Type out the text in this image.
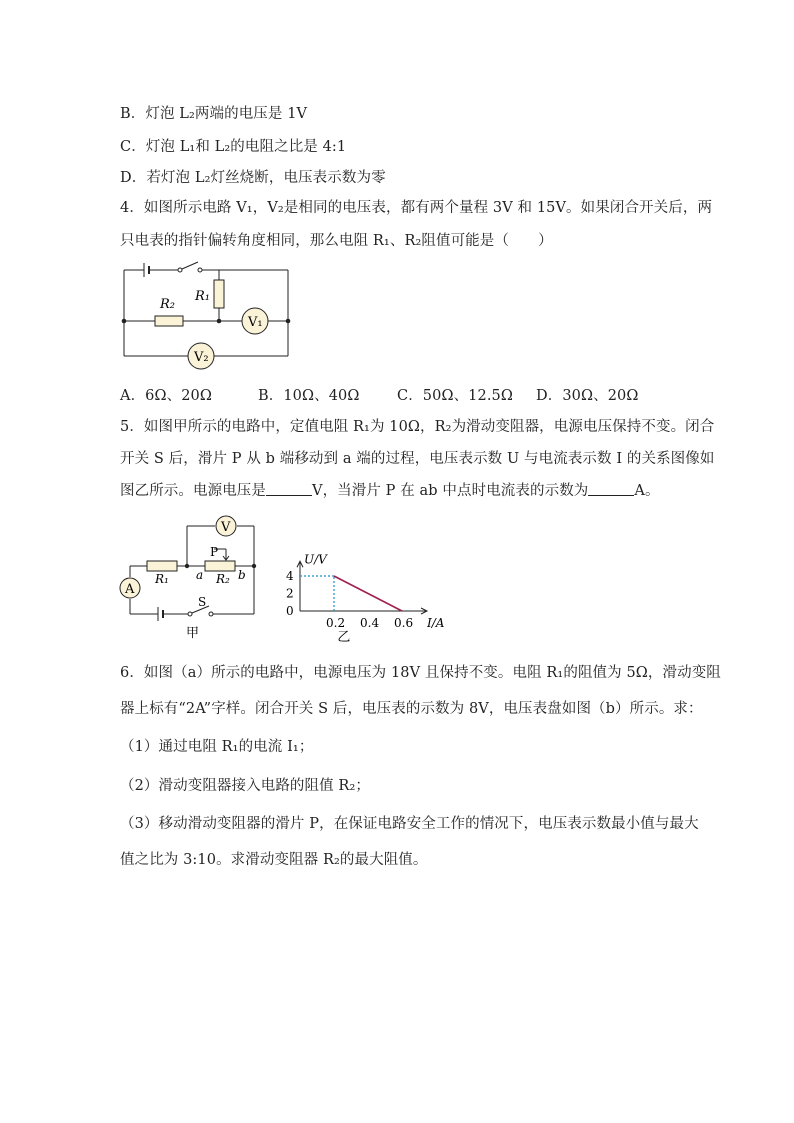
B．灯泡 L₂两端的电压是 1V
C．灯泡 L₁和 L₂的电阻之比是 4:1
D．若灯泡 L₂灯丝烧断，电压表示数为零
4．如图所示电路 V₁，V₂是相同的电压表，都有两个量程 3V 和 15V。如果闭合开关后，两
只电表的指针偏转角度相同，那么电阻 R₁、R₂阻值可能是（　　）
R₁
R₂
V₁
V₂
A．6Ω、20Ω	B．10Ω、40Ω	C．50Ω、12.5Ω D．30Ω、20Ω
5．如图甲所示的电路中，定值电阻 R₁为 10Ω，R₂为滑动变阻器，电源电压保持不变。闭合
开关 S 后，滑片 P 从 b 端移动到 a 端的过程，电压表示数 U 与电流表示数 I 的关系图像如
图乙所示。电源电压是	V，当滑片 P 在 ab 中点时电流表的示数为	A。
V
A
P
R₁	R₂
a	b
S
甲
0.2 0.4 0.6
0
2
4
U/V
I/A
乙
6．如图（a）所示的电路中，电源电压为 18V 且保持不变。电阻 R₁的阻值为 5Ω，滑动变阻
器上标有“2A”字样。闭合开关 S 后，电压表的示数为 8V，电压表盘如图（b）所示。求：
（1）通过电阻 R₁的电流 I₁；
（2）滑动变阻器接入电路的阻值 R₂；
（3）移动滑动变阻器的滑片 P，在保证电路安全工作的情况下，电压表示数最小值与最大
值之比为 3:10。求滑动变阻器 R₂的最大阻值。
